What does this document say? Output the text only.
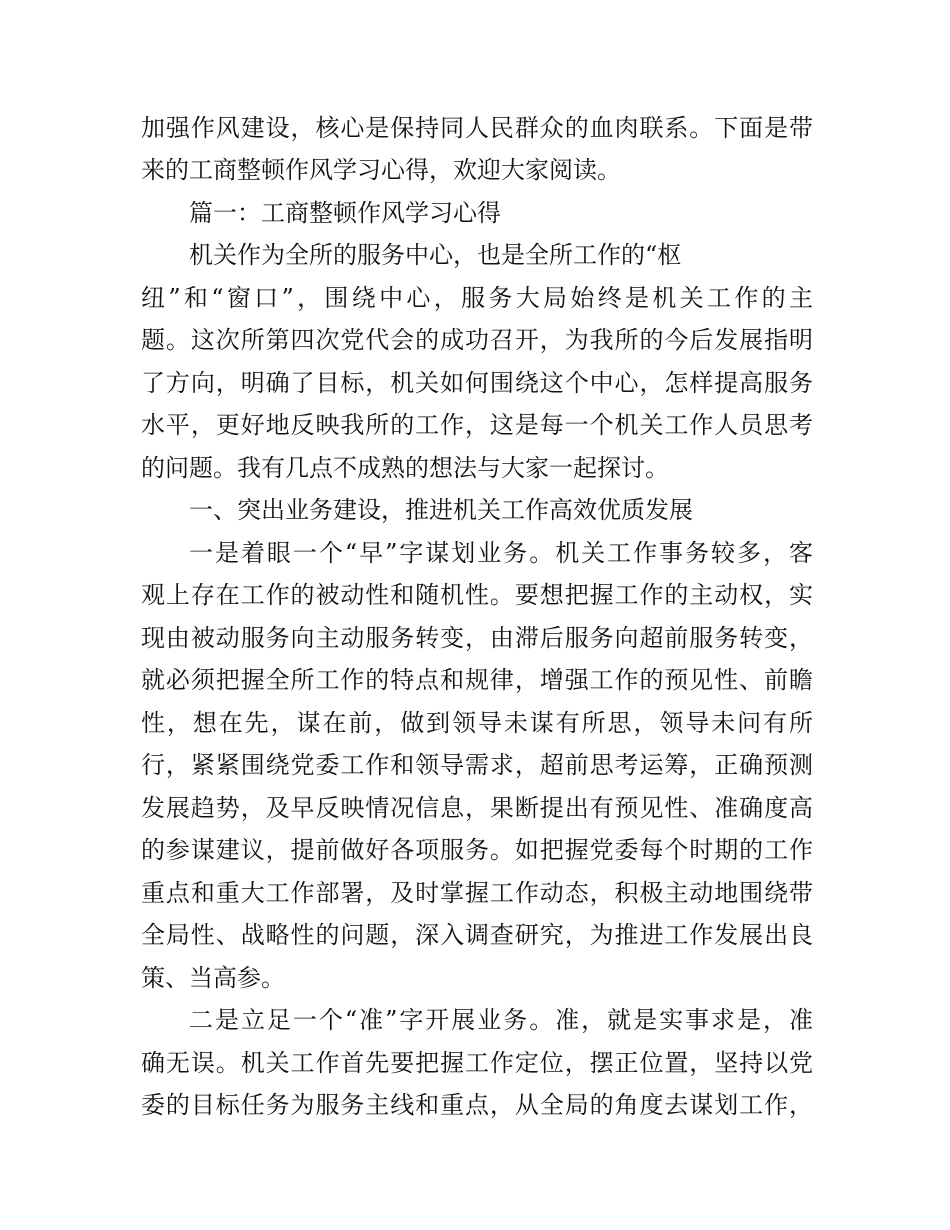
加强作风建设，核心是保持同人民群众的血肉联系。下面是带
来的工商整顿作风学习心得，欢迎大家阅读。
篇一：工商整顿作风学习心得
机关作为全所的服务中心，也是全所工作的“枢
纽”和“窗口”，围绕中心，服务大局始终是机关工作的主
题。这次所第四次党代会的成功召开，为我所的今后发展指明
了方向，明确了目标，机关如何围绕这个中心，怎样提高服务
水平，更好地反映我所的工作，这是每一个机关工作人员思考
的问题。我有几点不成熟的想法与大家一起探讨。
一、突出业务建设，推进机关工作高效优质发展
一是着眼一个“早”字谋划业务。机关工作事务较多，客
观上存在工作的被动性和随机性。要想把握工作的主动权，实
现由被动服务向主动服务转变，由滞后服务向超前服务转变，
就必须把握全所工作的特点和规律，增强工作的预见性、前瞻
性，想在先，谋在前，做到领导未谋有所思，领导未问有所
行，紧紧围绕党委工作和领导需求，超前思考运筹，正确预测
发展趋势，及早反映情况信息，果断提出有预见性、准确度高
的参谋建议，提前做好各项服务。如把握党委每个时期的工作
重点和重大工作部署，及时掌握工作动态，积极主动地围绕带
全局性、战略性的问题，深入调查研究，为推进工作发展出良
策、当高参。
二是立足一个“准”字开展业务。准，就是实事求是，准
确无误。机关工作首先要把握工作定位，摆正位置，坚持以党
委的目标任务为服务主线和重点，从全局的角度去谋划工作，
